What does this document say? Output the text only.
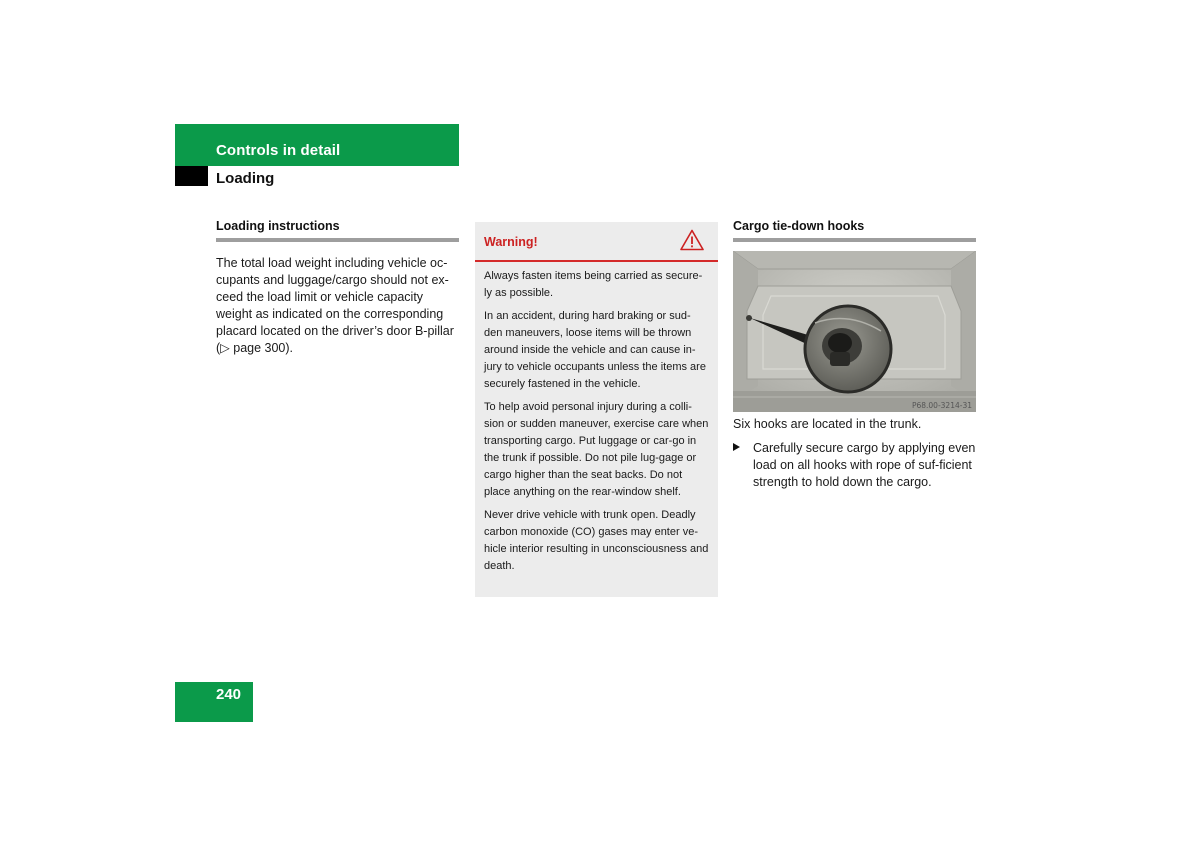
Controls in detail
Loading
Loading instructions
The total load weight including vehicle oc-cupants and luggage/cargo should not ex-ceed the load limit or vehicle capacity weight as indicated on the corresponding placard located on the driver’s door B-pillar (▷ page 300).
Warning!

Always fasten items being carried as secure-ly as possible.

In an accident, during hard braking or sud-den maneuvers, loose items will be thrown around inside the vehicle and can cause in-jury to vehicle occupants unless the items are securely fastened in the vehicle.

To help avoid personal injury during a colli-sion or sudden maneuver, exercise care when transporting cargo. Put luggage or car-go in the trunk if possible. Do not pile lug-gage or cargo higher than the seat backs. Do not place anything on the rear-window shelf.

Never drive vehicle with trunk open. Deadly carbon monoxide (CO) gases may enter ve-hicle interior resulting in unconsciousness and death.

Cargo tie-down hooks
P68.00-3214-31
Six hooks are located in the trunk.
Carefully secure cargo by applying even load on all hooks with rope of suf-ficient strength to hold down the cargo.
240
